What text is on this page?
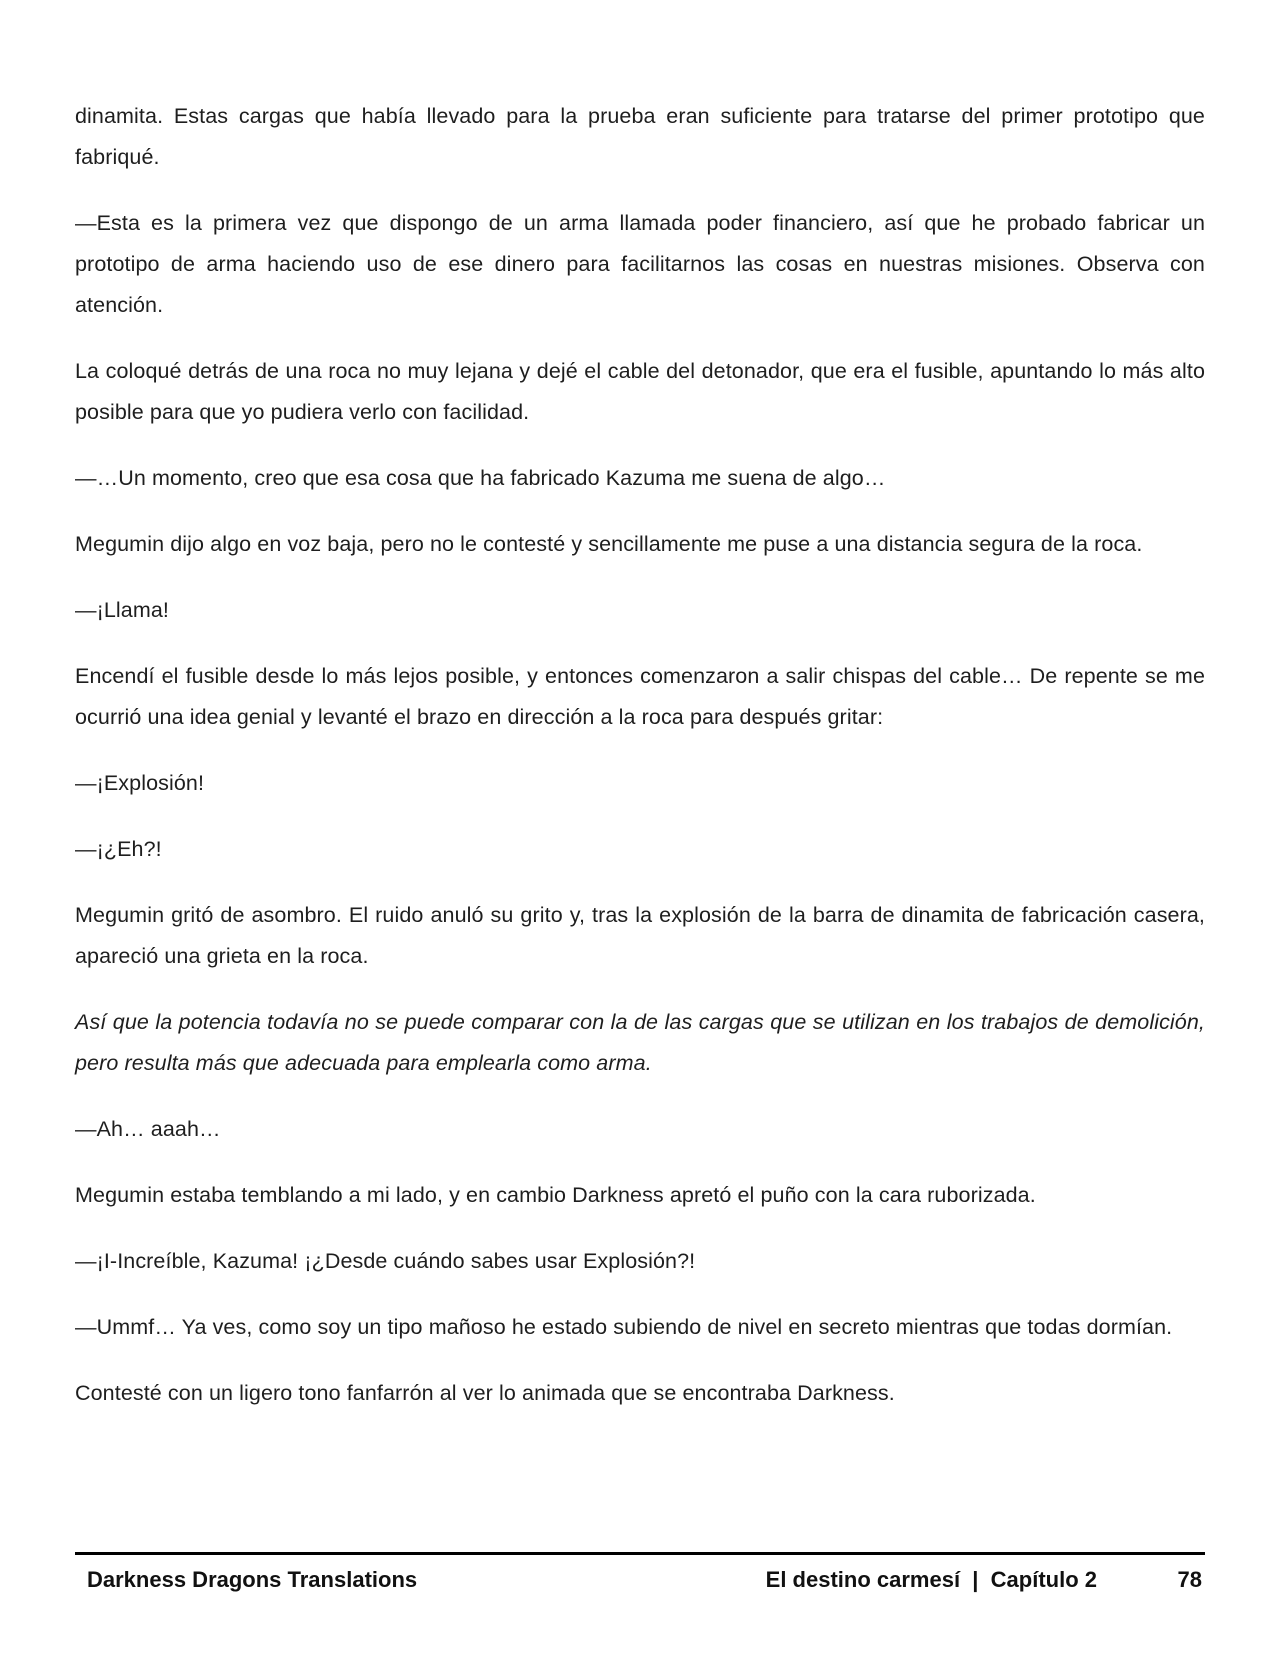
dinamita. Estas cargas que había llevado para la prueba eran suficiente para tratarse del primer prototipo que fabriqué.

—Esta es la primera vez que dispongo de un arma llamada poder financiero, así que he probado fabricar un prototipo de arma haciendo uso de ese dinero para facilitarnos las cosas en nuestras misiones. Observa con atención.

La coloqué detrás de una roca no muy lejana y dejé el cable del detonador, que era el fusible, apuntando lo más alto posible para que yo pudiera verlo con facilidad.

—…Un momento, creo que esa cosa que ha fabricado Kazuma me suena de algo…

Megumin dijo algo en voz baja, pero no le contesté y sencillamente me puse a una distancia segura de la roca.

—¡Llama!

Encendí el fusible desde lo más lejos posible, y entonces comenzaron a salir chispas del cable… De repente se me ocurrió una idea genial y levanté el brazo en dirección a la roca para después gritar:

—¡Explosión!

—¡¿Eh?!

Megumin gritó de asombro. El ruido anuló su grito y, tras la explosión de la barra de dinamita de fabricación casera, apareció una grieta en la roca.

Así que la potencia todavía no se puede comparar con la de las cargas que se utilizan en los trabajos de demolición, pero resulta más que adecuada para emplearla como arma.

—Ah… aaah…

Megumin estaba temblando a mi lado, y en cambio Darkness apretó el puño con la cara ruborizada.

—¡I-Increíble, Kazuma! ¡¿Desde cuándo sabes usar Explosión?!

—Ummf… Ya ves, como soy un tipo mañoso he estado subiendo de nivel en secreto mientras que todas dormían.

Contesté con un ligero tono fanfarrón al ver lo animada que se encontraba Darkness.

Darkness Dragons Translations	El destino carmesí  |  Capítulo 2	78
